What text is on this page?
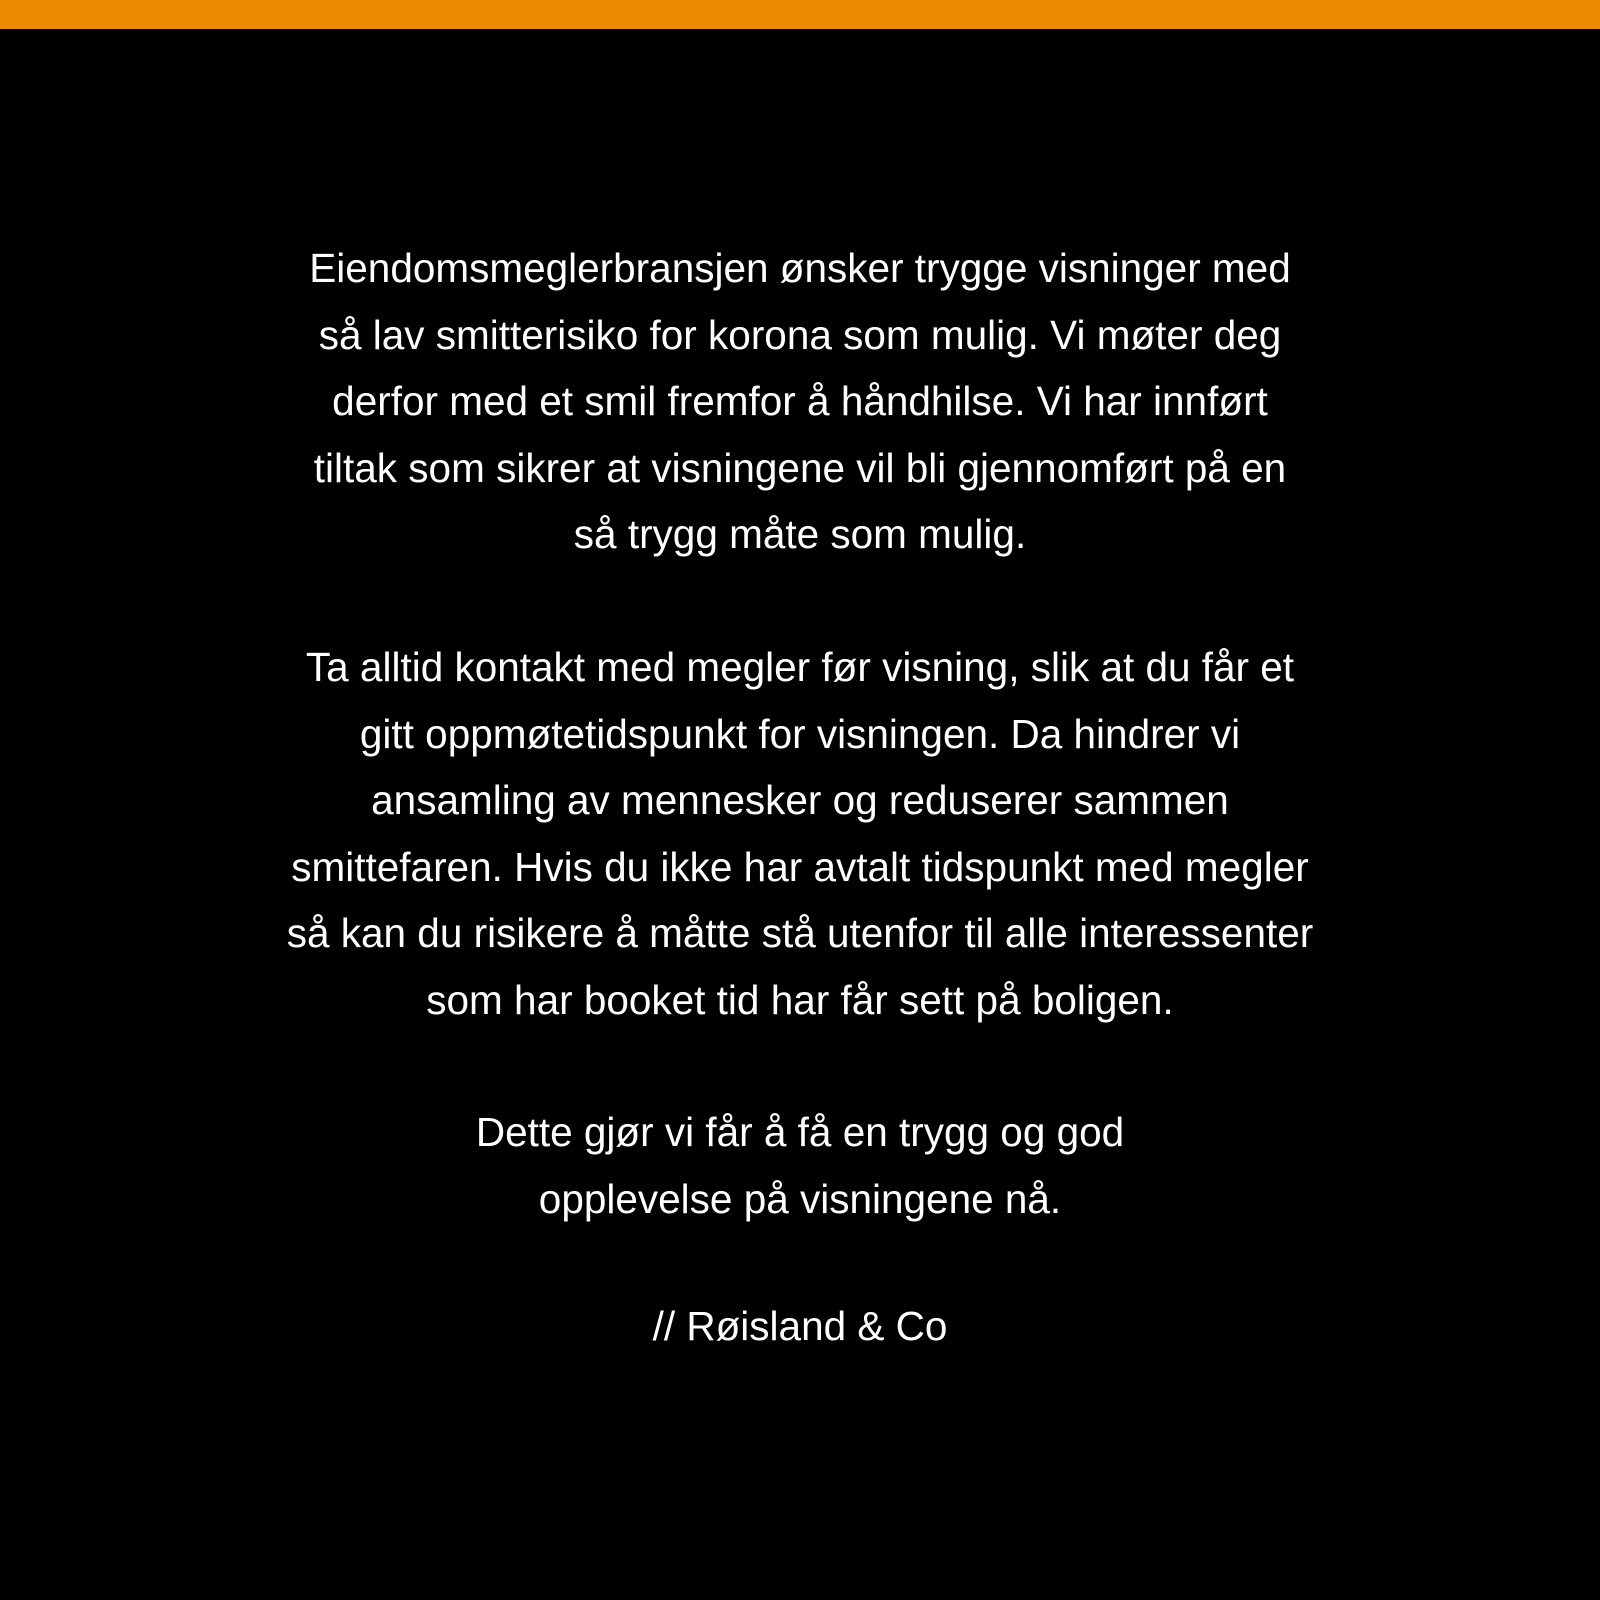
Eiendomsmeglerbransjen ønsker trygge visninger med
så lav smitterisiko for korona som mulig. Vi møter deg
derfor med et smil fremfor å håndhilse. Vi har innført
tiltak som sikrer at visningene vil bli gjennomført på en
så trygg måte som mulig.
Ta alltid kontakt med megler før visning, slik at du får et
gitt oppmøtetidspunkt for visningen. Da hindrer vi
ansamling av mennesker og reduserer sammen
smittefaren. Hvis du ikke har avtalt tidspunkt med megler
så kan du risikere å måtte stå utenfor til alle interessenter
som har booket tid har får sett på boligen.
Dette gjør vi får å få en trygg og god
opplevelse på visningene nå.
// Røisland & Co
